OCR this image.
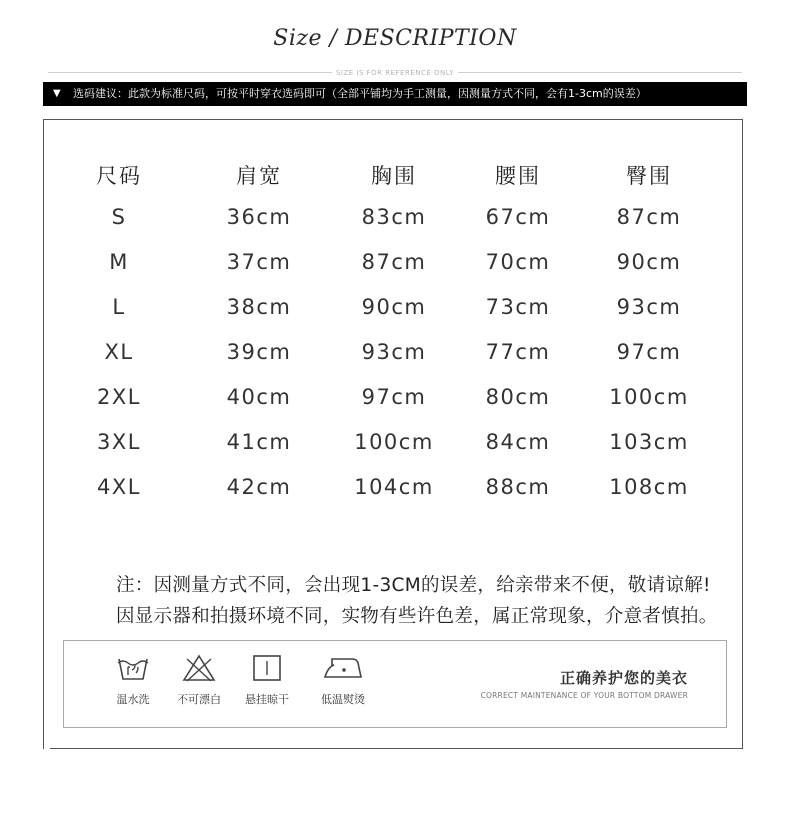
Size / DESCRIPTION
SIZE IS FOR REFERENCE ONLY
▼ 选码建议：此款为标准尺码，可按平时穿衣选码即可（全部平铺均为手工测量，因测量方式不同，会有1-3cm的误差）
尺码	肩宽	胸围	腰围	臀围
S	36cm	83cm	67cm	87cm
M	37cm	87cm	70cm	90cm
L	38cm	90cm	73cm	93cm
XL	39cm	93cm	77cm	97cm
2XL	40cm	97cm	80cm	100cm
3XL	41cm	100cm	84cm	103cm
4XL	42cm	104cm	88cm	108cm
注：因测量方式不同，会出现1-3CM的误差，给亲带来不便，敬请谅解!
因显示器和拍摄环境不同，实物有些许色差，属正常现象，介意者慎拍。
温水洗	不可漂白	悬挂晾干	低温熨烫
正确养护您的美衣
CORRECT MAINTENANCE OF YOUR BOTTOM DRAWER
